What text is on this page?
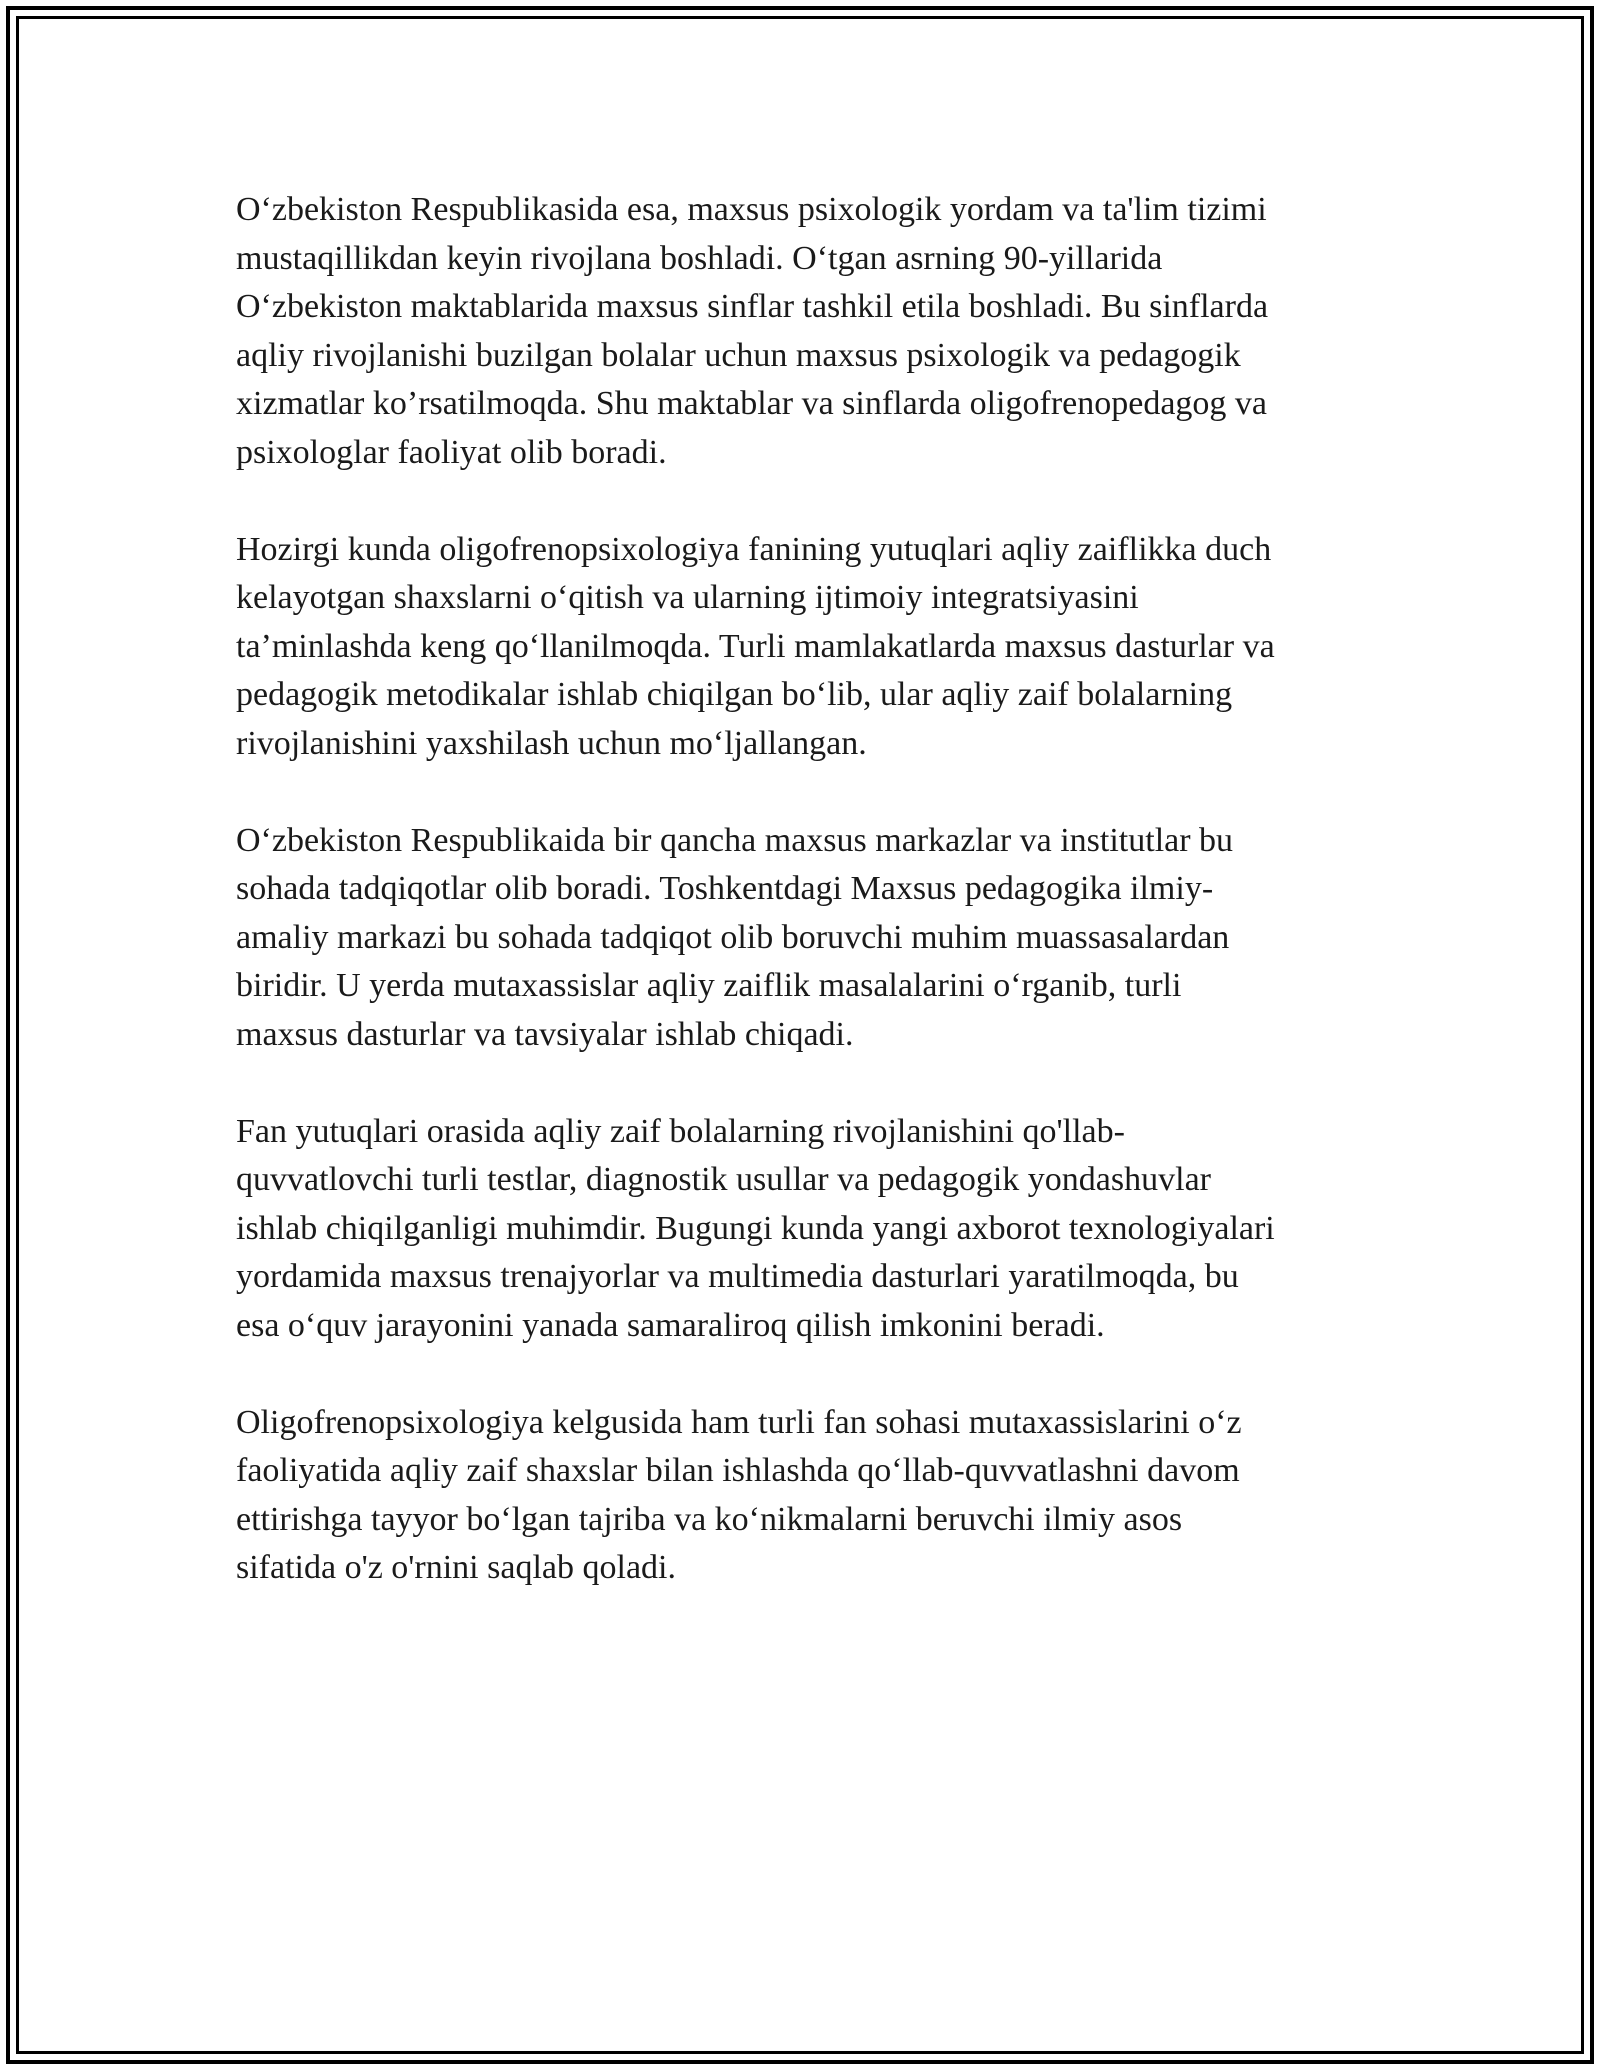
O‘zbekiston Respublikasida esa, maxsus psixologik yordam va ta'lim tizimi
mustaqillikdan keyin rivojlana boshladi. O‘tgan asrning 90-yillarida
O‘zbekiston maktablarida maxsus sinflar tashkil etila boshladi. Bu sinflarda
aqliy rivojlanishi buzilgan bolalar uchun maxsus psixologik va pedagogik
xizmatlar ko’rsatilmoqda. Shu maktablar va sinflarda oligofrenopedagog va
psixologlar faoliyat olib boradi.

Hozirgi kunda oligofrenopsixologiya fanining yutuqlari aqliy zaiflikka duch
kelayotgan shaxslarni o‘qitish va ularning ijtimoiy integratsiyasini
ta’minlashda keng qo‘llanilmoqda. Turli mamlakatlarda maxsus dasturlar va
pedagogik metodikalar ishlab chiqilgan bo‘lib, ular aqliy zaif bolalarning
rivojlanishini yaxshilash uchun mo‘ljallangan.

O‘zbekiston Respublikaida bir qancha maxsus markazlar va institutlar bu
sohada tadqiqotlar olib boradi. Toshkentdagi Maxsus pedagogika ilmiy-
amaliy markazi bu sohada tadqiqot olib boruvchi muhim muassasalardan
biridir. U yerda mutaxassislar aqliy zaiflik masalalarini o‘rganib, turli
maxsus dasturlar va tavsiyalar ishlab chiqadi.

Fan yutuqlari orasida aqliy zaif bolalarning rivojlanishini qo'llab-
quvvatlovchi turli testlar, diagnostik usullar va pedagogik yondashuvlar
ishlab chiqilganligi muhimdir. Bugungi kunda yangi axborot texnologiyalari
yordamida maxsus trenajyorlar va multimedia dasturlari yaratilmoqda, bu
esa o‘quv jarayonini yanada samaraliroq qilish imkonini beradi.

Oligofrenopsixologiya kelgusida ham turli fan sohasi mutaxassislarini o‘z
faoliyatida aqliy zaif shaxslar bilan ishlashda qo‘llab-quvvatlashni davom
ettirishga tayyor bo‘lgan tajriba va ko‘nikmalarni beruvchi ilmiy asos
sifatida o'z o'rnini saqlab qoladi.
